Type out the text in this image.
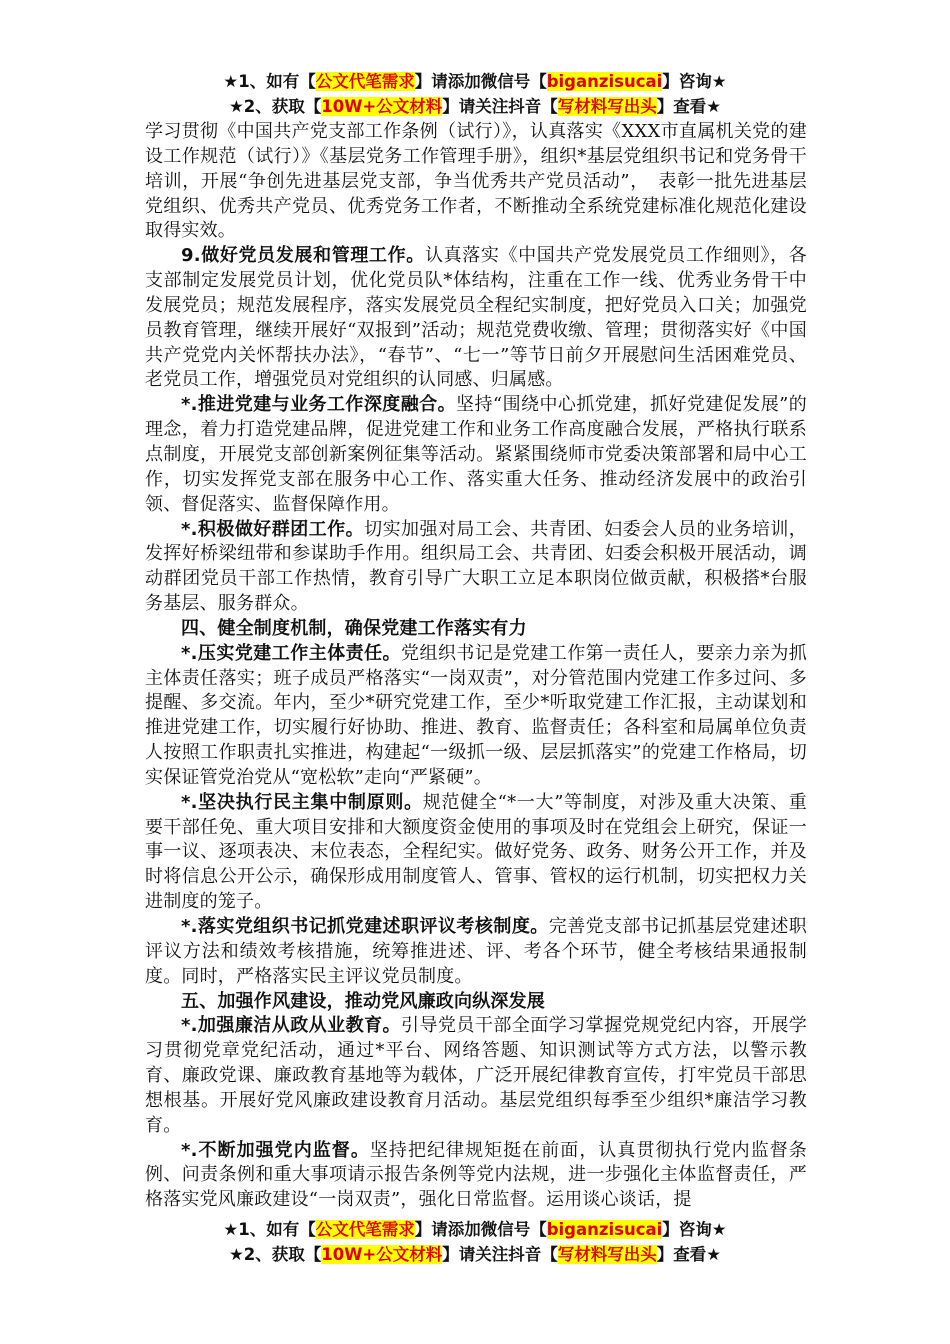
★1、如有【公文代笔需求】请添加微信号【biganzisucai】咨询★
★2、获取【10W+公文材料】请关注抖音【写材料写出头】查看★

学习贯彻《中国共产党支部工作条例（试行）》，认真落实《XXX市直属机关党的建设工作规范（试行）》《基层党务工作管理手册》，组织*基层党组织书记和党务骨干培训，开展“争创先进基层党支部，争当优秀共产党员活动”，　表彰一批先进基层党组织、优秀共产党员、优秀党务工作者，不断推动全系统党建标准化规范化建设取得实效。

9.做好党员发展和管理工作。认真落实《中国共产党发展党员工作细则》，各支部制定发展党员计划，优化党员队*体结构，注重在工作一线、优秀业务骨干中发展党员；规范发展程序，落实发展党员全程纪实制度，把好党员入口关；加强党员教育管理，继续开展好“双报到”活动；规范党费收缴、管理；贯彻落实好《中国共产党党内关怀帮扶办法》，“春节”、“七一”等节日前夕开展慰问生活困难党员、老党员工作，增强党员对党组织的认同感、归属感。

*.推进党建与业务工作深度融合。坚持“围绕中心抓党建，抓好党建促发展”的理念，着力打造党建品牌，促进党建工作和业务工作高度融合发展，严格执行联系点制度，开展党支部创新案例征集等活动。紧紧围绕师市党委决策部署和局中心工作，切实发挥党支部在服务中心工作、落实重大任务、推动经济发展中的政治引领、督促落实、监督保障作用。

*.积极做好群团工作。切实加强对局工会、共青团、妇委会人员的业务培训，发挥好桥梁纽带和参谋助手作用。组织局工会、共青团、妇委会积极开展活动，调动群团党员干部工作热情，教育引导广大职工立足本职岗位做贡献，积极搭*台服务基层、服务群众。

四、健全制度机制，确保党建工作落实有力

*.压实党建工作主体责任。党组织书记是党建工作第一责任人，要亲力亲为抓主体责任落实；班子成员严格落实“一岗双责”，对分管范围内党建工作多过问、多提醒、多交流。年内，至少*研究党建工作，至少*听取党建工作汇报，主动谋划和推进党建工作，切实履行好协助、推进、教育、监督责任；各科室和局属单位负责人按照工作职责扎实推进，构建起“一级抓一级、层层抓落实”的党建工作格局，切实保证管党治党从“宽松软”走向“严紧硬”。

*.坚决执行民主集中制原则。规范健全“*一大”等制度，对涉及重大决策、重要干部任免、重大项目安排和大额度资金使用的事项及时在党组会上研究，保证一事一议、逐项表决、末位表态，全程纪实。做好党务、政务、财务公开工作，并及时将信息公开公示，确保形成用制度管人、管事、管权的运行机制，切实把权力关进制度的笼子。

*.落实党组织书记抓党建述职评议考核制度。完善党支部书记抓基层党建述职评议方法和绩效考核措施，统筹推进述、评、考各个环节，健全考核结果通报制度。同时，严格落实民主评议党员制度。

五、加强作风建设，推动党风廉政向纵深发展

*.加强廉洁从政从业教育。引导党员干部全面学习掌握党规党纪内容，开展学习贯彻党章党纪活动，通过*平台、网络答题、知识测试等方式方法，以警示教育、廉政党课、廉政教育基地等为载体，广泛开展纪律教育宣传，打牢党员干部思想根基。开展好党风廉政建设教育月活动。基层党组织每季至少组织*廉洁学习教育。

*.不断加强党内监督。坚持把纪律规矩挺在前面，认真贯彻执行党内监督条例、问责条例和重大事项请示报告条例等党内法规，进一步强化主体监督责任，严格落实党风廉政建设“一岗双责”，强化日常监督。运用谈心谈话，提

★1、如有【公文代笔需求】请添加微信号【biganzisucai】咨询★
★2、获取【10W+公文材料】请关注抖音【写材料写出头】查看★
